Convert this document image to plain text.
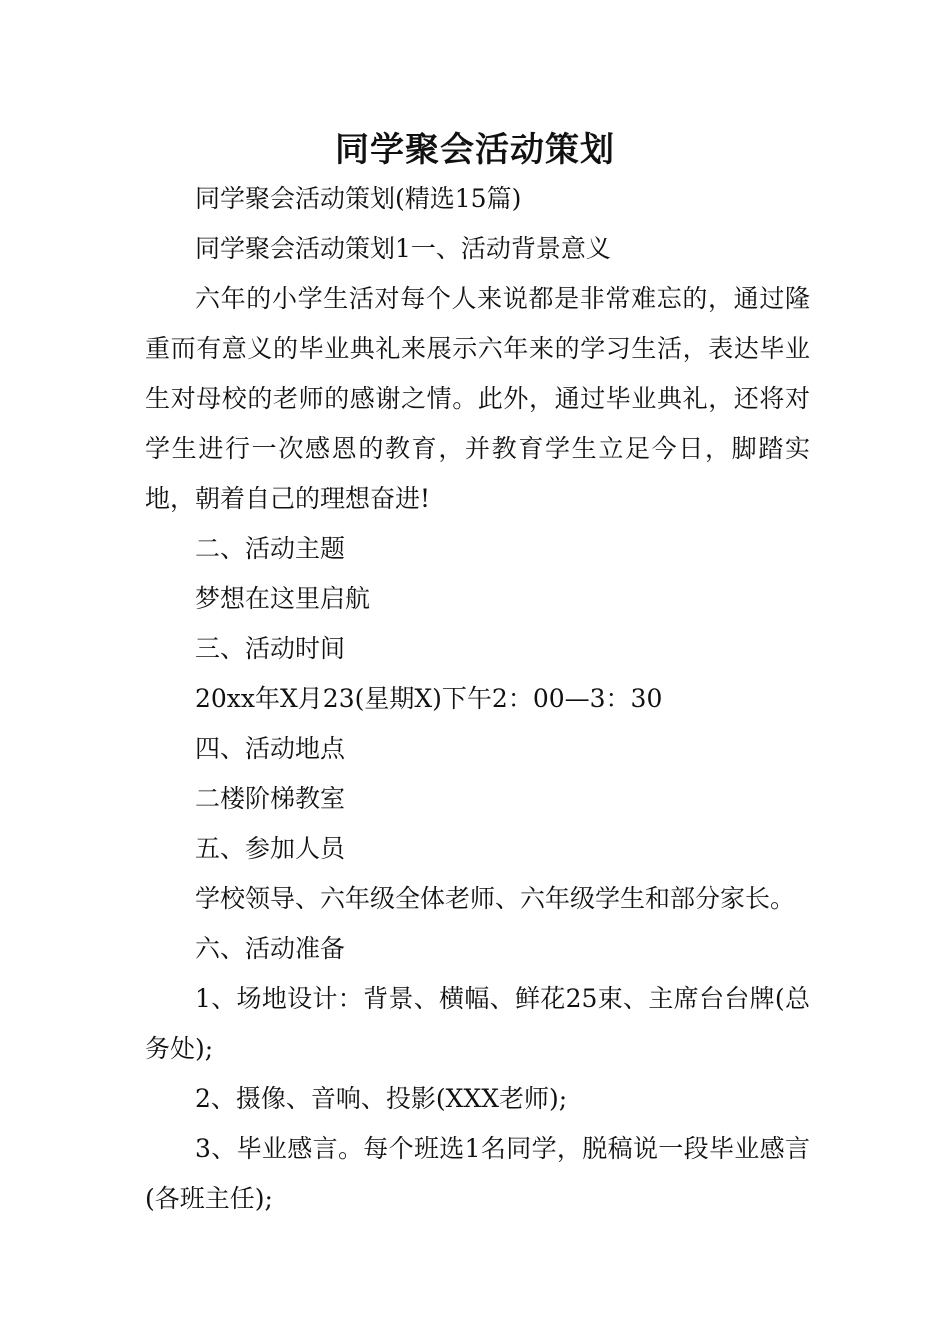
同学聚会活动策划

同学聚会活动策划(精选15篇)

同学聚会活动策划1一、活动背景意义

六年的小学生活对每个人来说都是非常难忘的，通过隆重而有意义的毕业典礼来展示六年来的学习生活，表达毕业生对母校的老师的感谢之情。此外，通过毕业典礼，还将对学生进行一次感恩的教育，并教育学生立足今日，脚踏实地，朝着自己的理想奋进!

二、活动主题

梦想在这里启航

三、活动时间

20xx年X月23(星期X)下午2：00—3：30

四、活动地点

二楼阶梯教室

五、参加人员

学校领导、六年级全体老师、六年级学生和部分家长。

六、活动准备

1、场地设计：背景、横幅、鲜花25束、主席台台牌(总务处);

2、摄像、音响、投影(XXX老师);

3、毕业感言。每个班选1名同学，脱稿说一段毕业感言(各班主任);
